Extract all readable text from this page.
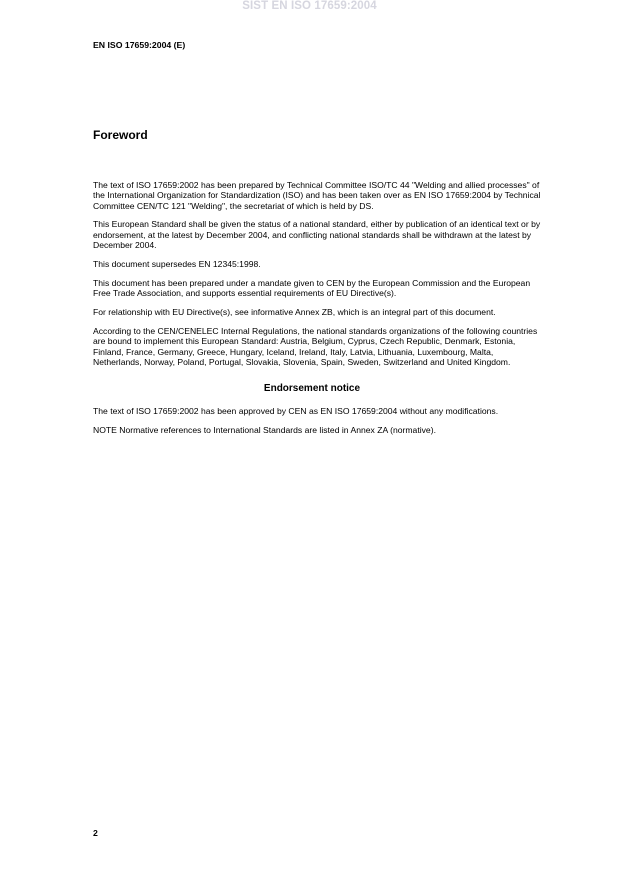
SIST EN ISO 17659:2004
EN ISO 17659:2004 (E)
Foreword

The text of ISO 17659:2002 has been prepared by Technical Committee ISO/TC 44 "Welding and allied processes" of the International Organization for Standardization (ISO) and has been taken over as EN ISO 17659:2004 by Technical Committee CEN/TC 121 "Welding", the secretariat of which is held by DS.

This European Standard shall be given the status of a national standard, either by publication of an identical text or by endorsement, at the latest by December 2004, and conflicting national standards shall be withdrawn at the latest by December 2004.

This document supersedes EN 12345:1998.

This document has been prepared under a mandate given to CEN by the European Commission and the European Free Trade Association, and supports essential requirements of EU Directive(s).

For relationship with EU Directive(s), see informative Annex ZB, which is an integral part of this document.

According to the CEN/CENELEC Internal Regulations, the national standards organizations of the following countries are bound to implement this European Standard: Austria, Belgium, Cyprus, Czech Republic, Denmark, Estonia, Finland, France, Germany, Greece, Hungary, Iceland, Ireland, Italy, Latvia, Lithuania, Luxembourg, Malta, Netherlands, Norway, Poland, Portugal, Slovakia, Slovenia, Spain, Sweden, Switzerland and United Kingdom.

Endorsement notice

The text of ISO 17659:2002 has been approved by CEN as EN ISO 17659:2004 without any modifications.

NOTE Normative references to International Standards are listed in Annex ZA (normative).

2
